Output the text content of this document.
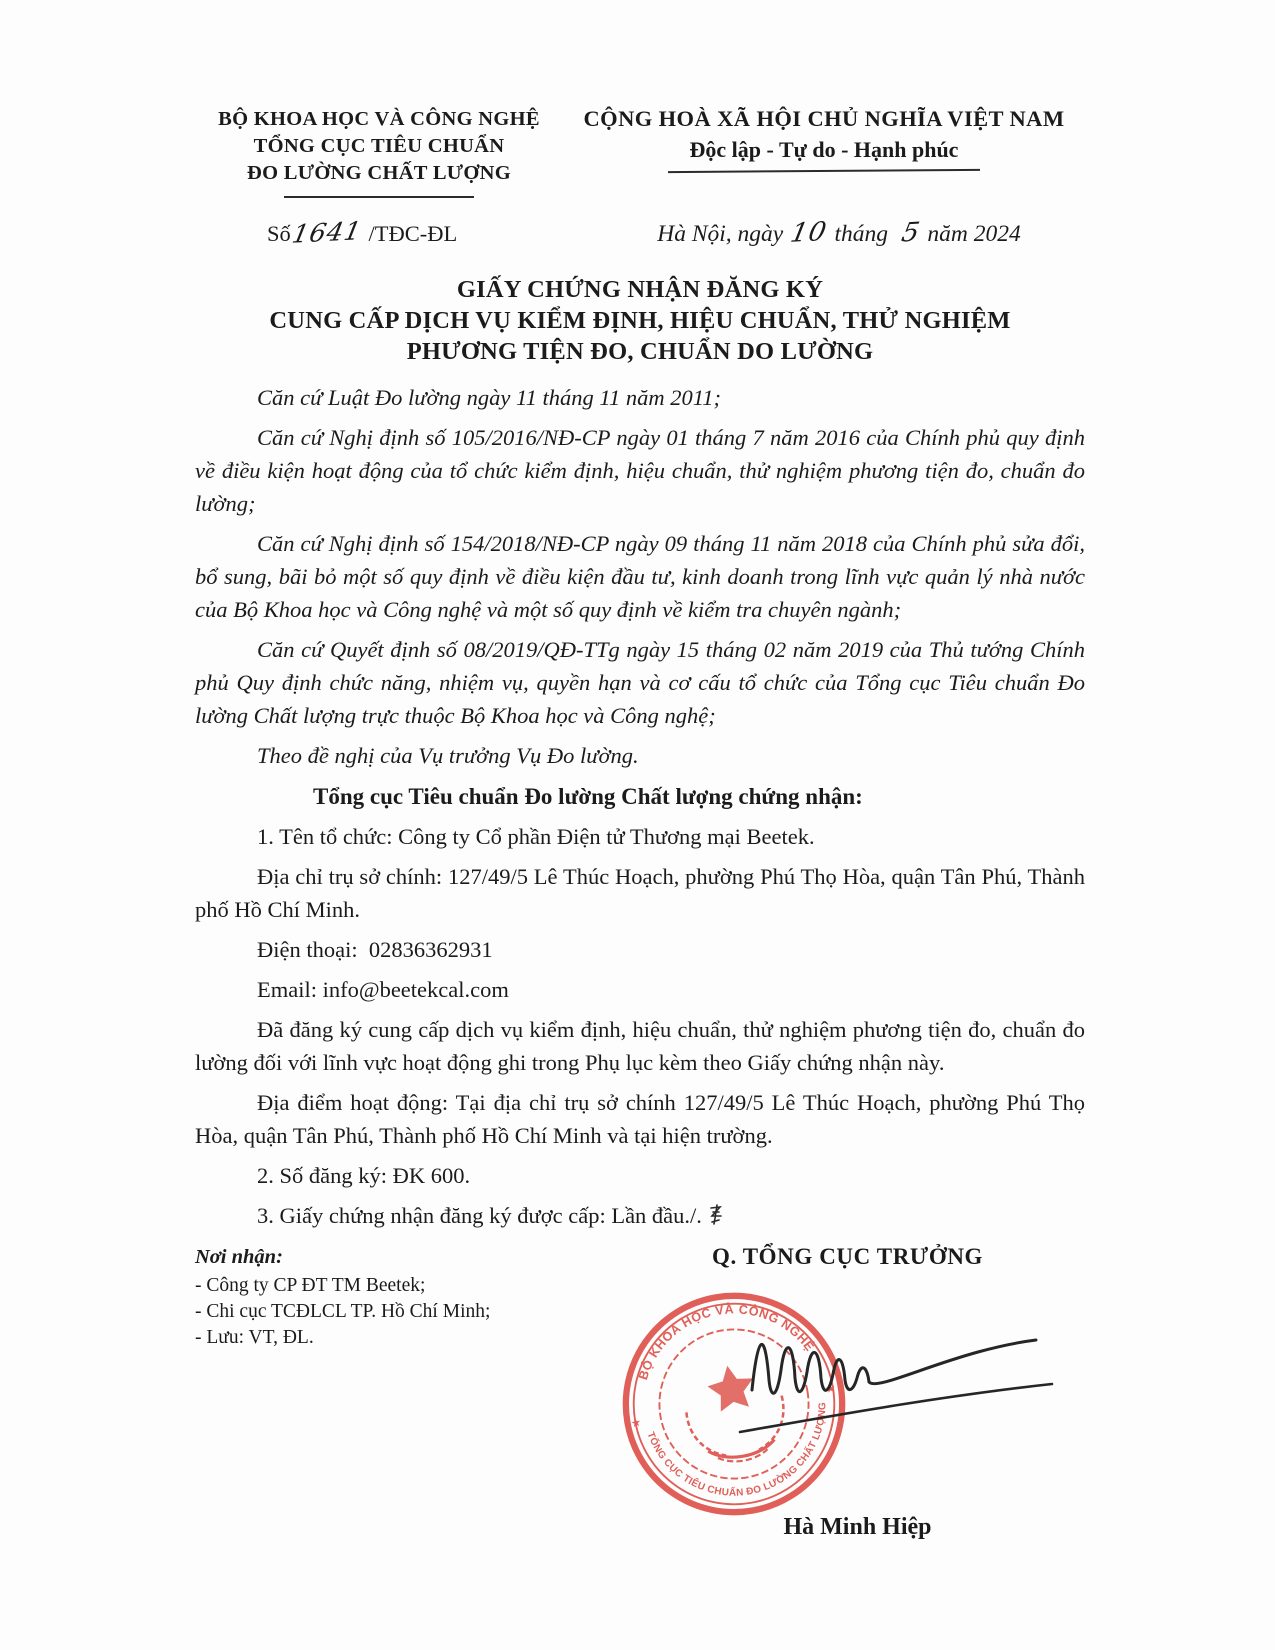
BỘ KHOA HỌC VÀ CÔNG NGHỆ
TỔNG CỤC TIÊU CHUẨN
ĐO LƯỜNG CHẤT LƯỢNG
CỘNG HOÀ XÃ HỘI CHỦ NGHĨA VIỆT NAM
Độc lập - Tự do - Hạnh phúc
Số1641 /TĐC-ĐL	Hà Nội, ngày 10 tháng 5 năm 2024
GIẤY CHỨNG NHẬN ĐĂNG KÝ
CUNG CẤP DỊCH VỤ KIỂM ĐỊNH, HIỆU CHUẨN, THỬ NGHIỆM
PHƯƠNG TIỆN ĐO, CHUẨN DO LƯỜNG

Căn cứ Luật Đo lường ngày 11 tháng 11 năm 2011;

Căn cứ Nghị định số 105/2016/NĐ-CP ngày 01 tháng 7 năm 2016 của Chính phủ quy định về điều kiện hoạt động của tổ chức kiểm định, hiệu chuẩn, thử nghiệm phương tiện đo, chuẩn đo lường;

Căn cứ Nghị định số 154/2018/NĐ-CP ngày 09 tháng 11 năm 2018 của Chính phủ sửa đổi, bổ sung, bãi bỏ một số quy định về điều kiện đầu tư, kinh doanh trong lĩnh vực quản lý nhà nước của Bộ Khoa học và Công nghệ và một số quy định về kiểm tra chuyên ngành;

Căn cứ Quyết định số 08/2019/QĐ-TTg ngày 15 tháng 02 năm 2019 của Thủ tướng Chính phủ Quy định chức năng, nhiệm vụ, quyền hạn và cơ cấu tổ chức của Tổng cục Tiêu chuẩn Đo lường Chất lượng trực thuộc Bộ Khoa học và Công nghệ;

Theo đề nghị của Vụ trưởng Vụ Đo lường.

Tổng cục Tiêu chuẩn Đo lường Chất lượng chứng nhận:

1. Tên tổ chức: Công ty Cổ phần Điện tử Thương mại Beetek.

Địa chỉ trụ sở chính: 127/49/5 Lê Thúc Hoạch, phường Phú Thọ Hòa, quận Tân Phú, Thành phố Hồ Chí Minh.

Điện thoại:  02836362931

Email: info@beetekcal.com

Đã đăng ký cung cấp dịch vụ kiểm định, hiệu chuẩn, thử nghiệm phương tiện đo, chuẩn đo lường đối với lĩnh vực hoạt động ghi trong Phụ lục kèm theo Giấy chứng nhận này.

Địa điểm hoạt động: Tại địa chỉ trụ sở chính 127/49/5 Lê Thúc Hoạch, phường Phú Thọ Hòa, quận Tân Phú, Thành phố Hồ Chí Minh và tại hiện trường.

2. Số đăng ký: ĐK 600.

3. Giấy chứng nhận đăng ký được cấp: Lần đầu./.

Nơi nhận:
- Công ty CP ĐT TM Beetek;
- Chi cục TCĐLCL TP. Hồ Chí Minh;
- Lưu: VT, ĐL.
Q. TỔNG CỤC TRƯỞNG
BỘ KHOA HỌC VÀ CÔNG NGHỆ
TỔNG CỤC TIÊU CHUẨN ĐO LƯỜNG CHẤT LƯỢNG
★
★
Hà Minh Hiệp
